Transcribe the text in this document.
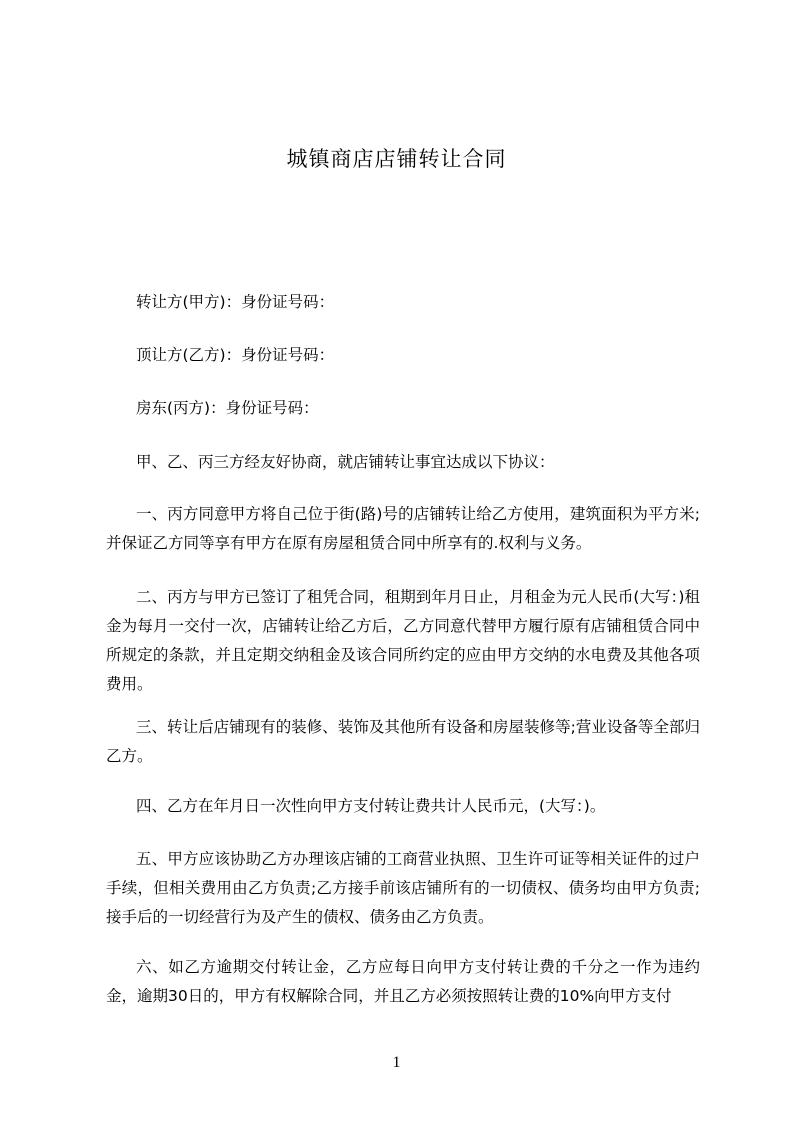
城镇商店店铺转让合同
转让方(甲方)：身份证号码：
顶让方(乙方)：身份证号码：
房东(丙方)：身份证号码：
甲、乙、丙三方经友好协商，就店铺转让事宜达成以下协议：
一、丙方同意甲方将自己位于街(路)号的店铺转让给乙方使用，建筑面积为平方米;并保证乙方同等享有甲方在原有房屋租赁合同中所享有的.权利与义务。
二、丙方与甲方已签订了租凭合同，租期到年月日止，月租金为元人民币(大写：)租金为每月一交付一次，店铺转让给乙方后，乙方同意代替甲方履行原有店铺租赁合同中所规定的条款，并且定期交纳租金及该合同所约定的应由甲方交纳的水电费及其他各项费用。
三、转让后店铺现有的装修、装饰及其他所有设备和房屋装修等;营业设备等全部归乙方。
四、乙方在年月日一次性向甲方支付转让费共计人民币元，(大写：)。
五、甲方应该协助乙方办理该店铺的工商营业执照、卫生许可证等相关证件的过户手续，但相关费用由乙方负责;乙方接手前该店铺所有的一切债权、债务均由甲方负责;接手后的一切经营行为及产生的债权、债务由乙方负责。
六、如乙方逾期交付转让金，乙方应每日向甲方支付转让费的千分之一作为违约金，逾期30日的，甲方有权解除合同，并且乙方必须按照转让费的10%向甲方支付
1
